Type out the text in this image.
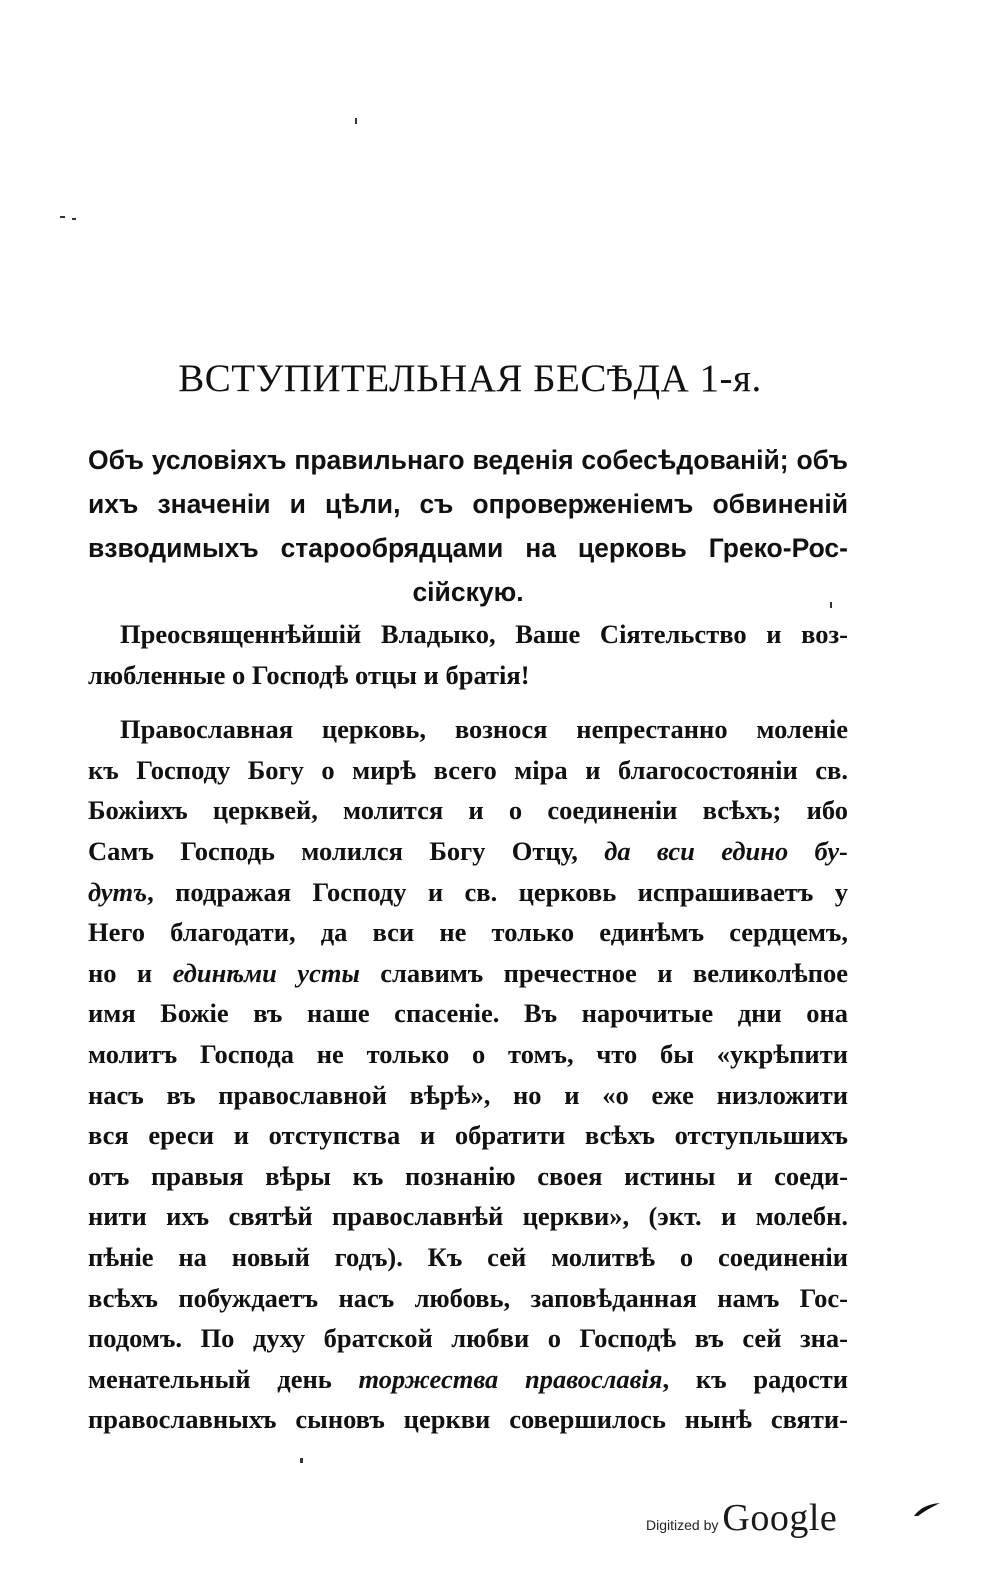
ВСТУПИТЕЛЬНАЯ БЕСѢДА 1-я.
Объ условіяхъ правильнаго веденія собесѣдованій; объ
ихъ значеніи и цѣли, съ опроверженіемъ обвиненій
взводимыхъ старообрядцами на церковь Греко-Рос-
сійскую.
Преосвященнѣйшій Владыко, Ваше Сіятельство и воз-
любленные о Господѣ отцы и братія!
Православная церковь, вознося непрестанно моленіе
къ Господу Богу о мирѣ всего міра и благосостояніи св.
Божіихъ церквей, молится и о соединеніи всѣхъ; ибо
Самъ Господь молился Богу Отцу, да вси едино бу-
дутъ, подражая Господу и св. церковь испрашиваетъ у
Него благодати, да вси не только единѣмъ сердцемъ,
но и единѣми усты славимъ пречестное и великолѣпое
имя Божіе въ наше спасеніе. Въ нарочитые дни она
молитъ Господа не только о томъ, что бы «укрѣпити
насъ въ православной вѣрѣ», но и «о еже низложити
вся ереси и отступства и обратити всѣхъ отступльшихъ
отъ правыя вѣры къ познанію своея истины и соеди-
нити ихъ святѣй православнѣй церкви», (экт. и молебн.
пѣніе на новый годъ). Къ сей молитвѣ о соединеніи
всѣхъ побуждаетъ насъ любовь, заповѣданная намъ Гос-
подомъ. По духу братской любви о Господѣ въ сей зна-
менательный день торжества православія, къ радости
православныхъ сыновъ церкви совершилось нынѣ святи-
Digitized by Google
